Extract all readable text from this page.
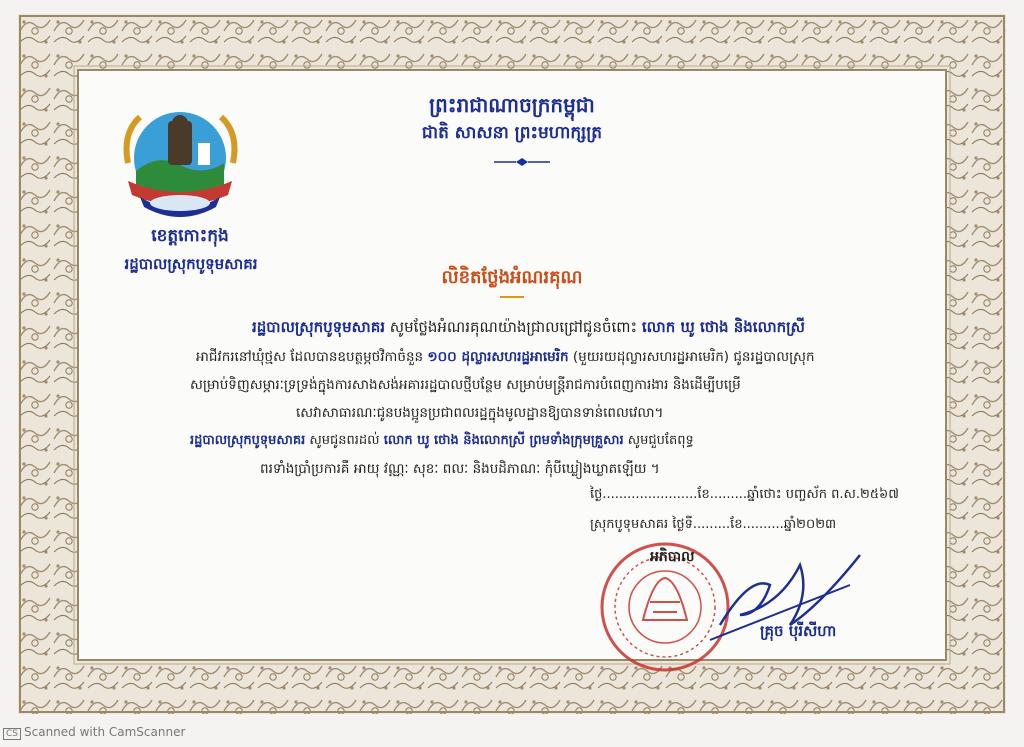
ព្រះរាជាណាចក្រកម្ពុជា
ជាតិ សាសនា ព្រះមហាក្សត្រ
ខេត្តកោះកុង
រដ្ឋបាលស្រុកបូទុមសាគរ
លិខិតថ្លែងអំណរគុណ
រដ្ឋបាលស្រុកបូទុមសាគរ សូមថ្លែងអំណរគុណយ៉ាងជ្រាលជ្រៅជូនចំពោះ លោក ឃូ ថោង និងលោកស្រី
អាជីវករនៅឃុំថ្មស ដែលបានឧបត្ថម្ភថវិកាចំនួន ១០០ ដុល្លារសហរដ្ឋអាមេរិក (មួយរយដុល្លារសហរដ្ឋអាមេរិក) ជូនរដ្ឋបាលស្រុក
សម្រាប់ទិញសម្ភារៈទ្រទ្រង់ក្នុងការសាងសង់អគាររដ្ឋបាលថ្មីបន្ថែម សម្រាប់មន្ត្រីរាជការបំពេញការងារ និងដើម្បីបម្រើ
សេវាសាធារណៈជូនបងប្អូនប្រជាពលរដ្ឋក្នុងមូលដ្ឋានឱ្យបានទាន់ពេលវេលា។
រដ្ឋបាលស្រុកបូទុមសាគរ សូមជូនពរដល់ លោក ឃូ ថោង និងលោកស្រី ព្រមទាំងក្រុមគ្រួសារ សូមជួបតែពុទ្ធ
ពរទាំងប្រាំប្រការគឺ អាយុ វណ្ណៈ សុខៈ ពលៈ និងបដិភាណៈ កុំបីឃ្លៀងឃ្លាតឡើយ ។
ថ្ងៃ.......................ខែ.........ឆ្នាំថោះ បញ្ចស័ក ព.ស.២៥៦៧
ស្រុកបូទុមសាគរ ថ្ងៃទី.........ខែ..........ឆ្នាំ២០២៣
អភិបាល
គ្រុច បុរីសីហា
CS Scanned with CamScanner
